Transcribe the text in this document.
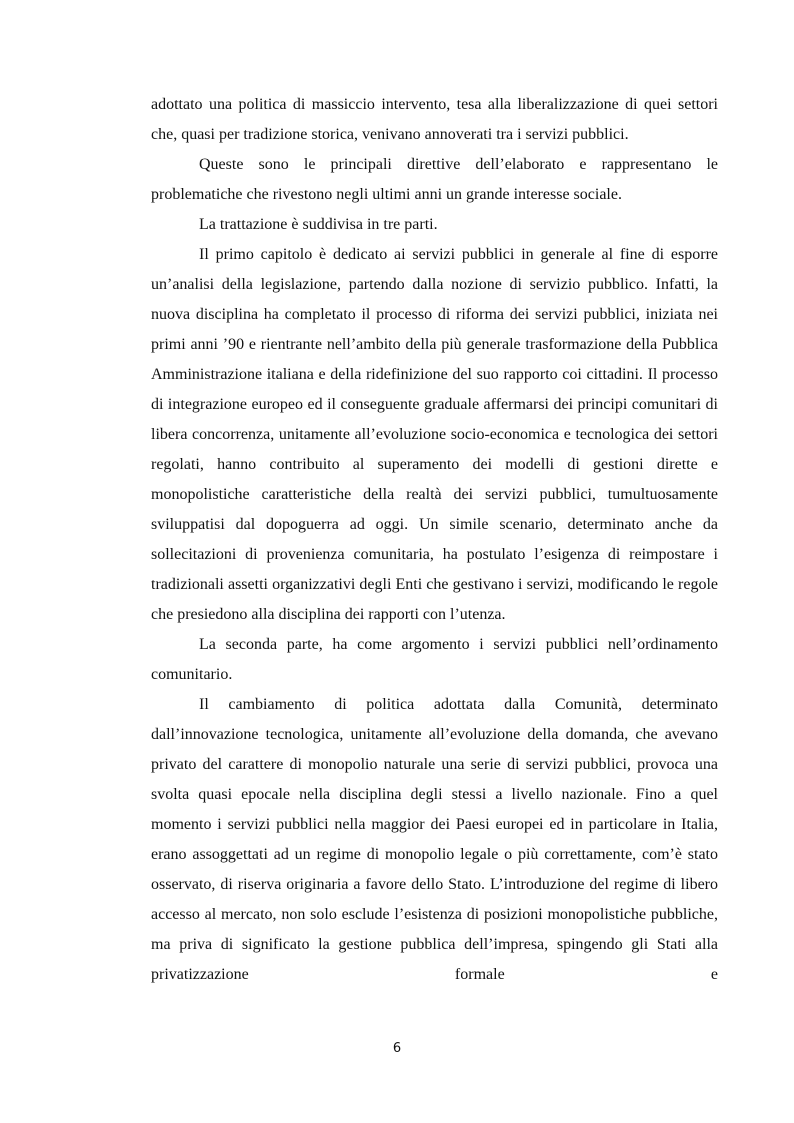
adottato una politica di massiccio intervento, tesa alla liberalizzazione di quei settori che, quasi per tradizione storica, venivano annoverati tra i servizi pubblici.

Queste sono le principali direttive dell’elaborato e rappresentano le problematiche che rivestono negli ultimi anni un grande interesse sociale.

La trattazione è suddivisa in tre parti.

Il primo capitolo è dedicato ai servizi pubblici in generale al fine di esporre un’analisi della legislazione, partendo dalla nozione di servizio pubblico. Infatti, la nuova disciplina ha completato il processo di riforma dei servizi pubblici, iniziata nei primi anni ’90 e rientrante nell’ambito della più generale trasformazione della Pubblica Amministrazione italiana e della ridefinizione del suo rapporto coi cittadini. Il processo di integrazione europeo ed il conseguente graduale affermarsi dei principi comunitari di libera concorrenza, unitamente all’evoluzione socio-economica e tecnologica dei settori regolati, hanno contribuito al superamento dei modelli di gestioni dirette e monopolistiche caratteristiche della realtà dei servizi pubblici, tumultuosamente sviluppatisi dal dopoguerra ad oggi. Un simile scenario, determinato anche da sollecitazioni di provenienza comunitaria, ha postulato l’esigenza di reimpostare i tradizionali assetti organizzativi degli Enti che gestivano i servizi, modificando le regole che presiedono alla disciplina dei rapporti con l’utenza.

La seconda parte, ha come argomento i servizi pubblici nell’ordinamento comunitario.

Il cambiamento di politica adottata dalla Comunità, determinato dall’innovazione tecnologica, unitamente all’evoluzione della domanda, che avevano privato del carattere di monopolio naturale una serie di servizi pubblici, provoca una svolta quasi epocale nella disciplina degli stessi a livello nazionale. Fino a quel momento i servizi pubblici nella maggior dei Paesi europei ed in particolare in Italia, erano assoggettati ad un regime di monopolio legale o più correttamente, com’è stato osservato, di riserva originaria a favore dello Stato. L’introduzione del regime di libero accesso al mercato, non solo esclude l’esistenza di posizioni monopolistiche pubbliche, ma priva di significato la gestione pubblica dell’impresa, spingendo gli Stati alla privatizzazione formale e

6
